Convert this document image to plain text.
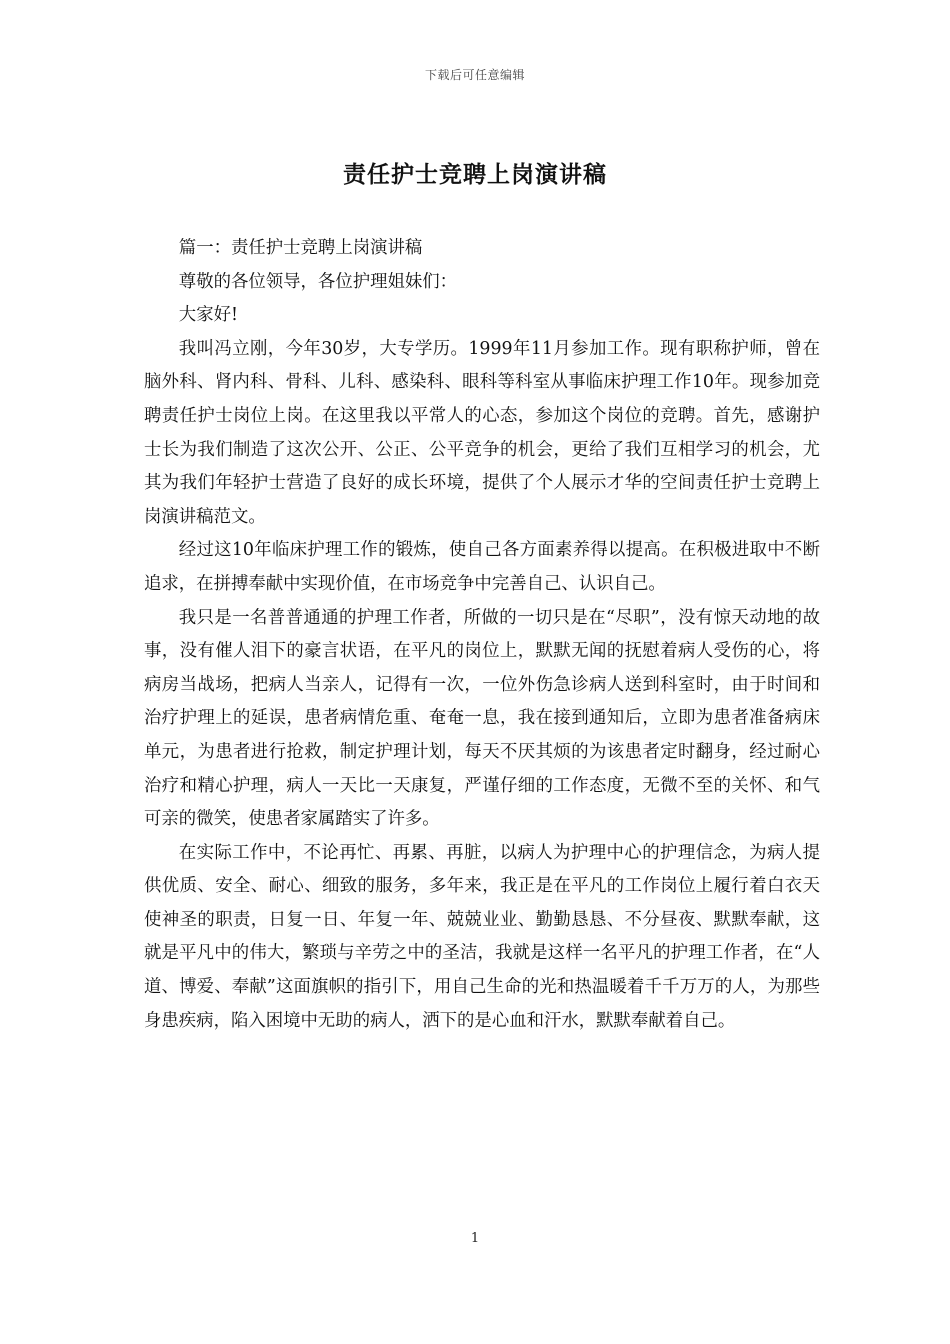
下载后可任意编辑
责任护士竞聘上岗演讲稿

篇一：责任护士竞聘上岗演讲稿

尊敬的各位领导，各位护理姐妹们：

大家好!

我叫冯立刚，今年30岁，大专学历。1999年11月参加工作。现有职称护师，曾在脑外科、肾内科、骨科、儿科、感染科、眼科等科室从事临床护理工作10年。现参加竞聘责任护士岗位上岗。在这里我以平常人的心态，参加这个岗位的竞聘。首先，感谢护士长为我们制造了这次公开、公正、公平竞争的机会，更给了我们互相学习的机会，尤其为我们年轻护士营造了良好的成长环境，提供了个人展示才华的空间责任护士竞聘上岗演讲稿范文。

经过这10年临床护理工作的锻炼，使自己各方面素养得以提高。在积极进取中不断追求，在拼搏奉献中实现价值，在市场竞争中完善自己、认识自己。

我只是一名普普通通的护理工作者，所做的一切只是在“尽职”，没有惊天动地的故事，没有催人泪下的豪言状语，在平凡的岗位上，默默无闻的抚慰着病人受伤的心，将病房当战场，把病人当亲人，记得有一次，一位外伤急诊病人送到科室时，由于时间和治疗护理上的延误，患者病情危重、奄奄一息，我在接到通知后，立即为患者准备病床单元，为患者进行抢救，制定护理计划，每天不厌其烦的为该患者定时翻身，经过耐心治疗和精心护理，病人一天比一天康复，严谨仔细的工作态度，无微不至的关怀、和气可亲的微笑，使患者家属踏实了许多。

在实际工作中，不论再忙、再累、再脏，以病人为护理中心的护理信念，为病人提供优质、安全、耐心、细致的服务，多年来，我正是在平凡的工作岗位上履行着白衣天使神圣的职责，日复一日、年复一年、兢兢业业、勤勤恳恳、不分昼夜、默默奉献，这就是平凡中的伟大，繁琐与辛劳之中的圣洁，我就是这样一名平凡的护理工作者，在“人道、博爱、奉献”这面旗帜的指引下，用自己生命的光和热温暖着千千万万的人，为那些身患疾病，陷入困境中无助的病人，洒下的是心血和汗水，默默奉献着自己。

1
